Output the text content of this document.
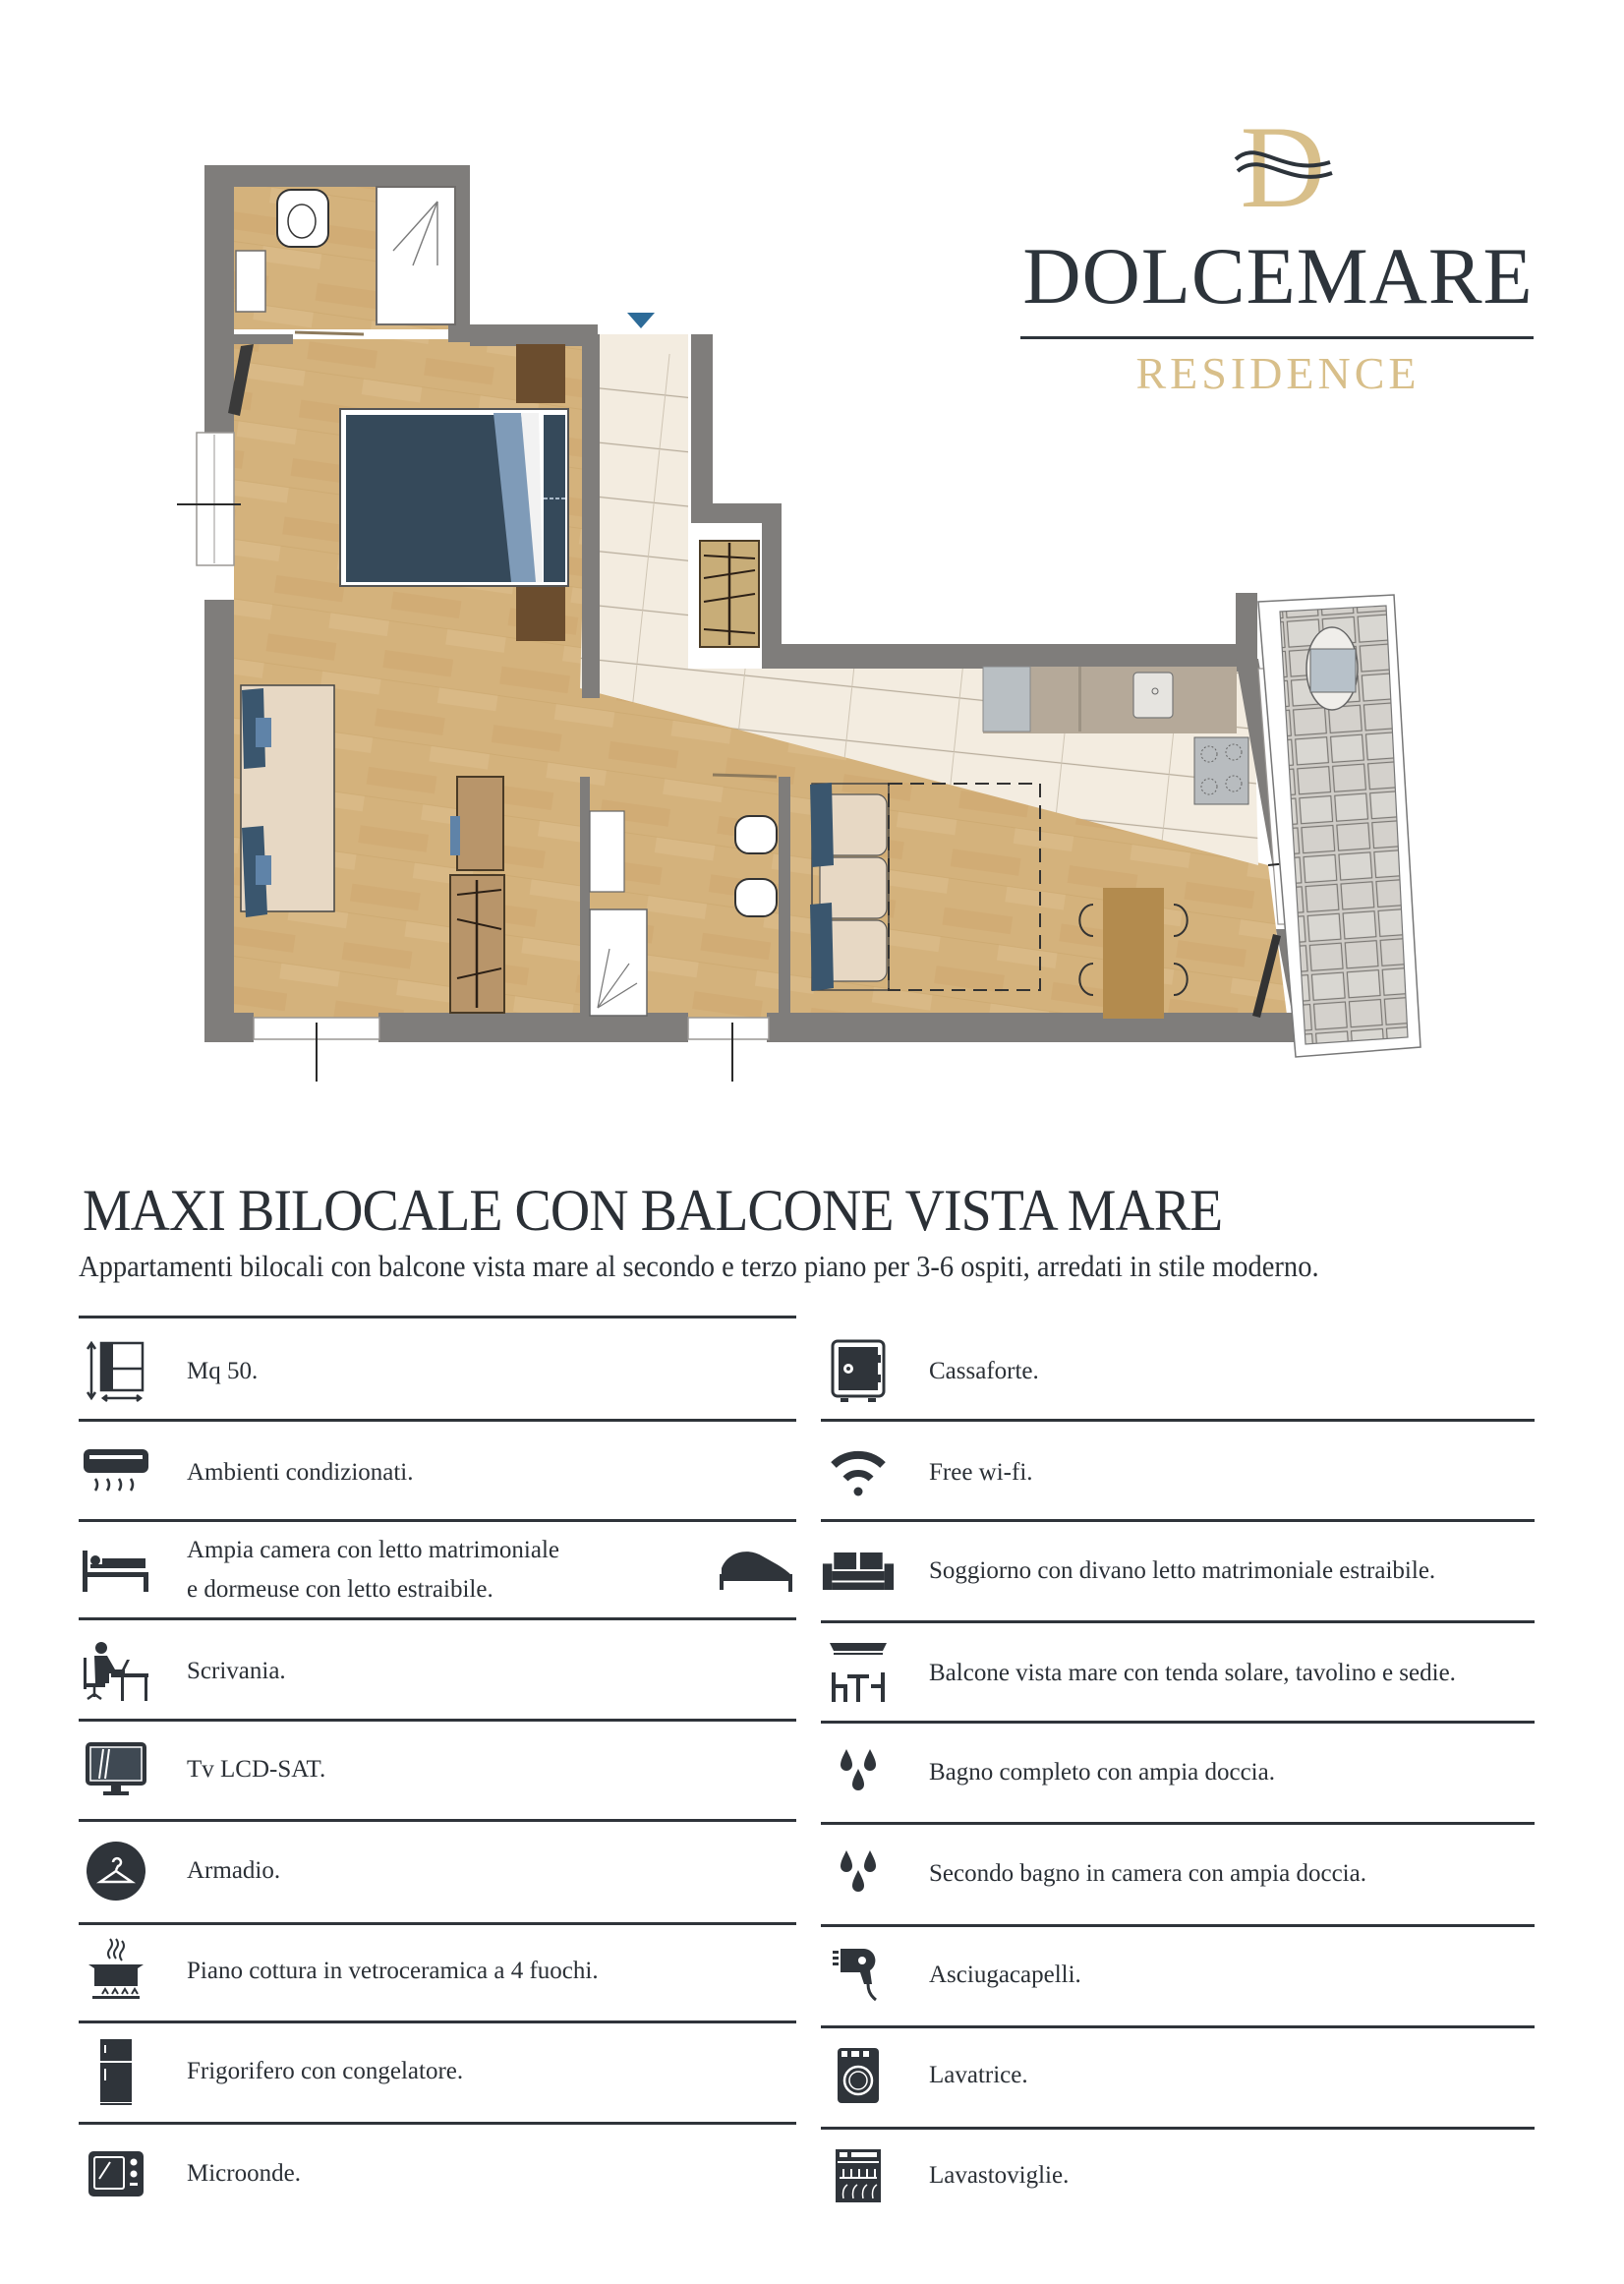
D
DOLCEMARE
RESIDENCE
MAXI BILOCALE CON BALCONE VISTA MARE
Appartamenti bilocali con balcone vista mare al secondo e terzo piano per 3-6 ospiti, arredati in stile moderno.
Mq 50.
Ambienti condizionati.
Ampia camera con letto matrimoniale
e dormeuse con letto estraibile.
Scrivania.
Tv LCD-SAT.
Armadio.
Piano cottura in vetroceramica a 4 fuochi.
Frigorifero con congelatore.
Microonde.
Cassaforte.
Free wi-fi.
Soggiorno con divano letto matrimoniale estraibile.
Balcone vista mare con tenda solare, tavolino e sedie.
Bagno completo con ampia doccia.
Secondo bagno in camera con ampia doccia.
Asciugacapelli.
Lavatrice.
Lavastoviglie.
